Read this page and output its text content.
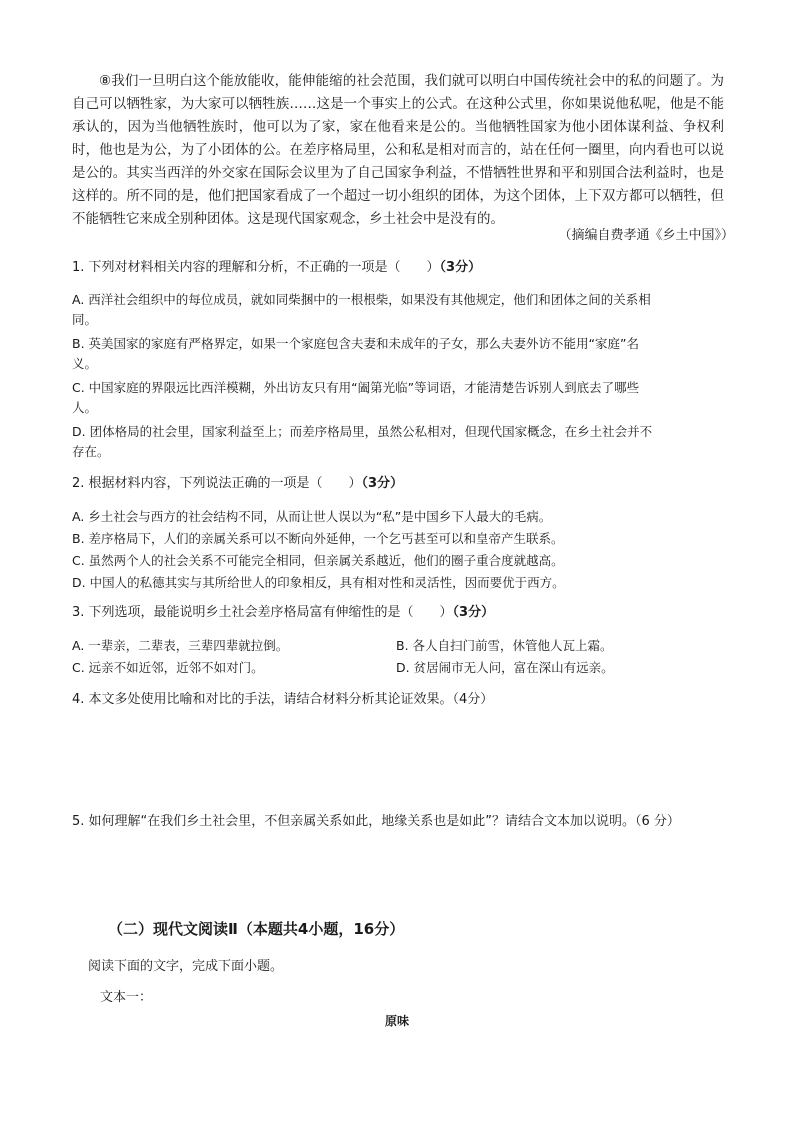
⑧我们一旦明白这个能放能收，能伸能缩的社会范围，我们就可以明白中国传统社会中的私的问题了。为自己可以牺牲家，为大家可以牺牲族……这是一个事实上的公式。在这种公式里，你如果说他私呢，他是不能承认的，因为当他牺牲族时，他可以为了家，家在他看来是公的。当他牺牲国家为他小团体谋利益、争权利时，他也是为公，为了小团体的公。在差序格局里，公和私是相对而言的，站在任何一圈里，向内看也可以说是公的。其实当西洋的外交家在国际会议里为了自己国家争利益，不惜牺牲世界和平和别国合法利益时，也是这样的。所不同的是，他们把国家看成了一个超过一切小组织的团体，为这个团体，上下双方都可以牺牲，但不能牺牲它来成全别种团体。这是现代国家观念，乡土社会中是没有的。
（摘编自费孝通《乡土中国》）
1. 下列对材料相关内容的理解和分析，不正确的一项是（　　）（3分）
A. 西洋社会组织中的每位成员，就如同柴捆中的一根根柴，如果没有其他规定，他们和团体之间的关系相
同。
B. 英美国家的家庭有严格界定，如果一个家庭包含夫妻和未成年的子女，那么夫妻外访不能用“家庭”名
义。
C. 中国家庭的界限远比西洋模糊，外出访友只有用“阖第光临”等词语，才能清楚告诉别人到底去了哪些
人。
D. 团体格局的社会里，国家利益至上；而差序格局里，虽然公私相对，但现代国家概念，在乡土社会并不
存在。
2. 根据材料内容，下列说法正确的一项是（　　）（3分）
A. 乡土社会与西方的社会结构不同，从而让世人误以为“私”是中国乡下人最大的毛病。
B. 差序格局下，人们的亲属关系可以不断向外延伸，一个乞丐甚至可以和皇帝产生联系。
C. 虽然两个人的社会关系不可能完全相同，但亲属关系越近，他们的圈子重合度就越高。
D. 中国人的私德其实与其所给世人的印象相反，具有相对性和灵活性，因而要优于西方。
3. 下列选项，最能说明乡土社会差序格局富有伸缩性的是（　　）（3分）
A. 一辈亲，二辈表，三辈四辈就拉倒。	B. 各人自扫门前雪，休管他人瓦上霜。
C. 远亲不如近邻，近邻不如对门。	D. 贫居闹市无人问，富在深山有远亲。
4. 本文多处使用比喻和对比的手法，请结合材料分析其论证效果。（4分）
5. 如何理解“在我们乡土社会里，不但亲属关系如此，地缘关系也是如此”？请结合文本加以说明。（6 分）
（二）现代文阅读Ⅱ（本题共4小题，16分）
阅读下面的文字，完成下面小题。
文本一：
原味
